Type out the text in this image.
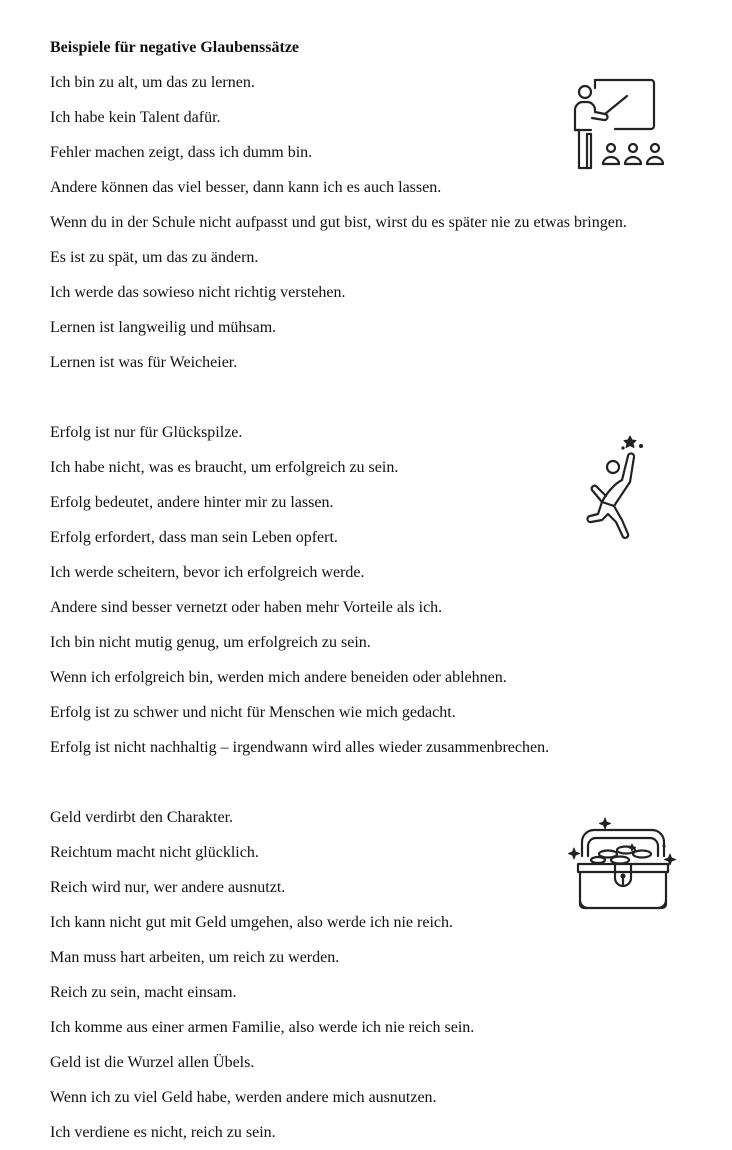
Beispiele für negative Glaubenssätze
Ich bin zu alt, um das zu lernen.
Ich habe kein Talent dafür.
Fehler machen zeigt, dass ich dumm bin.
Andere können das viel besser, dann kann ich es auch lassen.
Wenn du in der Schule nicht aufpasst und gut bist, wirst du es später nie zu etwas bringen.
Es ist zu spät, um das zu ändern.
Ich werde das sowieso nicht richtig verstehen.
Lernen ist langweilig und mühsam.
Lernen ist was für Weicheier.
Erfolg ist nur für Glückspilze.
Ich habe nicht, was es braucht, um erfolgreich zu sein.
Erfolg bedeutet, andere hinter mir zu lassen.
Erfolg erfordert, dass man sein Leben opfert.
Ich werde scheitern, bevor ich erfolgreich werde.
Andere sind besser vernetzt oder haben mehr Vorteile als ich.
Ich bin nicht mutig genug, um erfolgreich zu sein.
Wenn ich erfolgreich bin, werden mich andere beneiden oder ablehnen.
Erfolg ist zu schwer und nicht für Menschen wie mich gedacht.
Erfolg ist nicht nachhaltig – irgendwann wird alles wieder zusammenbrechen.
Geld verdirbt den Charakter.
Reichtum macht nicht glücklich.
Reich wird nur, wer andere ausnutzt.
Ich kann nicht gut mit Geld umgehen, also werde ich nie reich.
Man muss hart arbeiten, um reich zu werden.
Reich zu sein, macht einsam.
Ich komme aus einer armen Familie, also werde ich nie reich sein.
Geld ist die Wurzel allen Übels.
Wenn ich zu viel Geld habe, werden andere mich ausnutzen.
Ich verdiene es nicht, reich zu sein.
